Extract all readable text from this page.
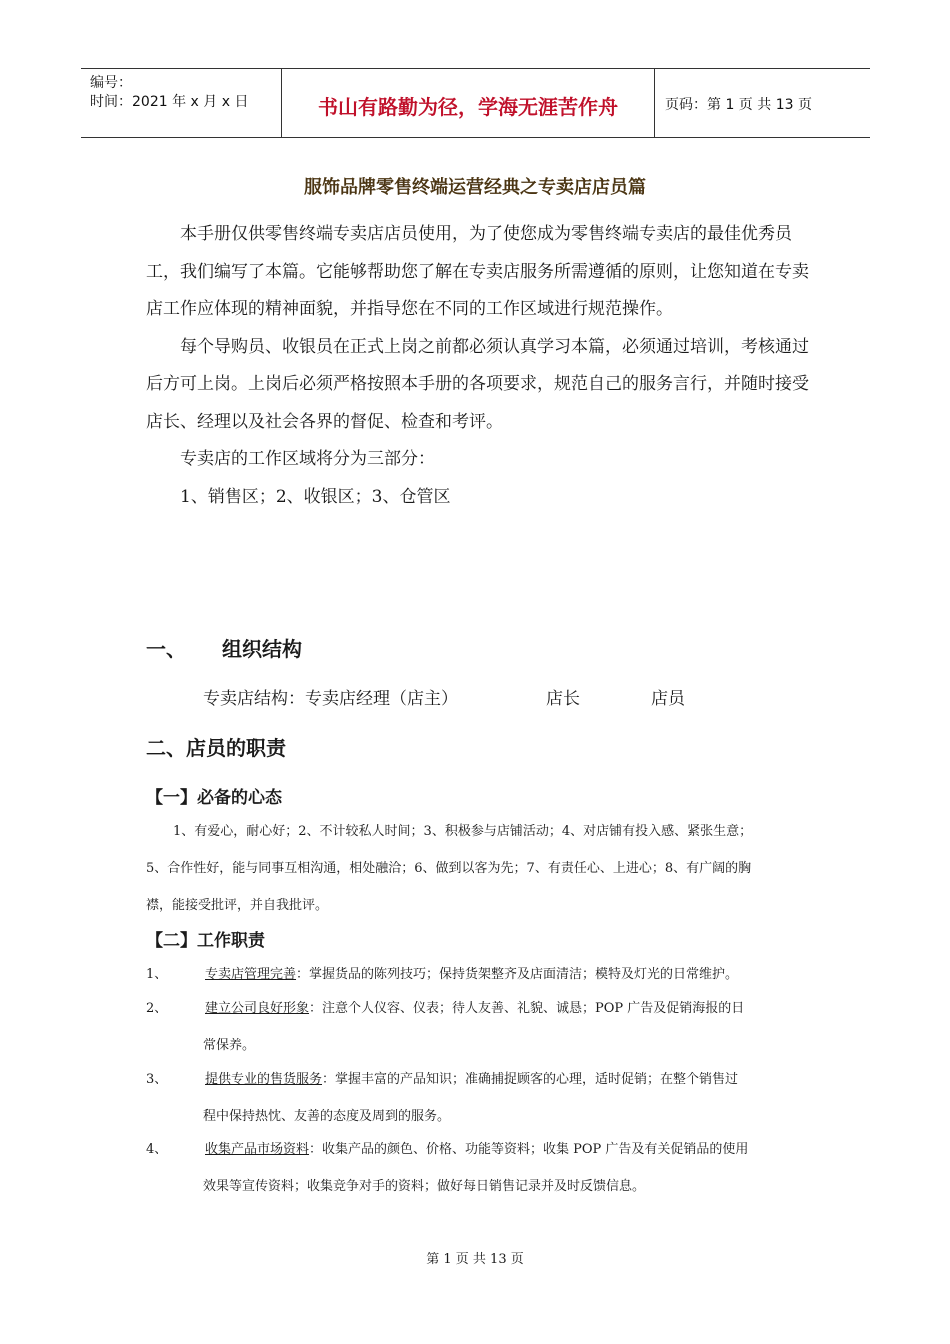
编号：
时间：2021 年 x 月 x 日	书山有路勤为径，学海无涯苦作舟	页码：第 1 页 共 13 页
服饰品牌零售终端运营经典之专卖店店员篇

本手册仅供零售终端专卖店店员使用，为了使您成为零售终端专卖店的最佳优秀员工，我们编写了本篇。它能够帮助您了解在专卖店服务所需遵循的原则，让您知道在专卖店工作应体现的精神面貌，并指导您在不同的工作区域进行规范操作。

每个导购员、收银员在正式上岗之前都必须认真学习本篇，必须通过培训，考核通过后方可上岗。上岗后必须严格按照本手册的各项要求，规范自己的服务言行，并随时接受店长、经理以及社会各界的督促、检查和考评。

专卖店的工作区域将分为三部分：

1、销售区；2、收银区；3、仓管区

一、 组织结构
专卖店结构：专卖店经理（店主）	店长	店员
二、店员的职责
【一】必备的心态
1、有爱心，耐心好；2、不计较私人时间；3、积极参与店铺活动；4、对店铺有投入感、紧张生意；
5、合作性好，能与同事互相沟通，相处融洽；6、做到以客为先；7、有责任心、上进心；8、有广阔的胸
襟，能接受批评，并自我批评。
【二】工作职责
1、	专卖店管理完善：掌握货品的陈列技巧；保持货架整齐及店面清洁；模特及灯光的日常维护。
2、	建立公司良好形象：注意个人仪容、仪表；待人友善、礼貌、诚恳；POP 广告及促销海报的日
常保养。
3、	提供专业的售货服务：掌握丰富的产品知识；准确捕捉顾客的心理，适时促销；在整个销售过
程中保持热忱、友善的态度及周到的服务。
4、	收集产品市场资料：收集产品的颜色、价格、功能等资料；收集 POP 广告及有关促销品的使用
效果等宣传资料；收集竞争对手的资料；做好每日销售记录并及时反馈信息。
第 1 页 共 13 页
